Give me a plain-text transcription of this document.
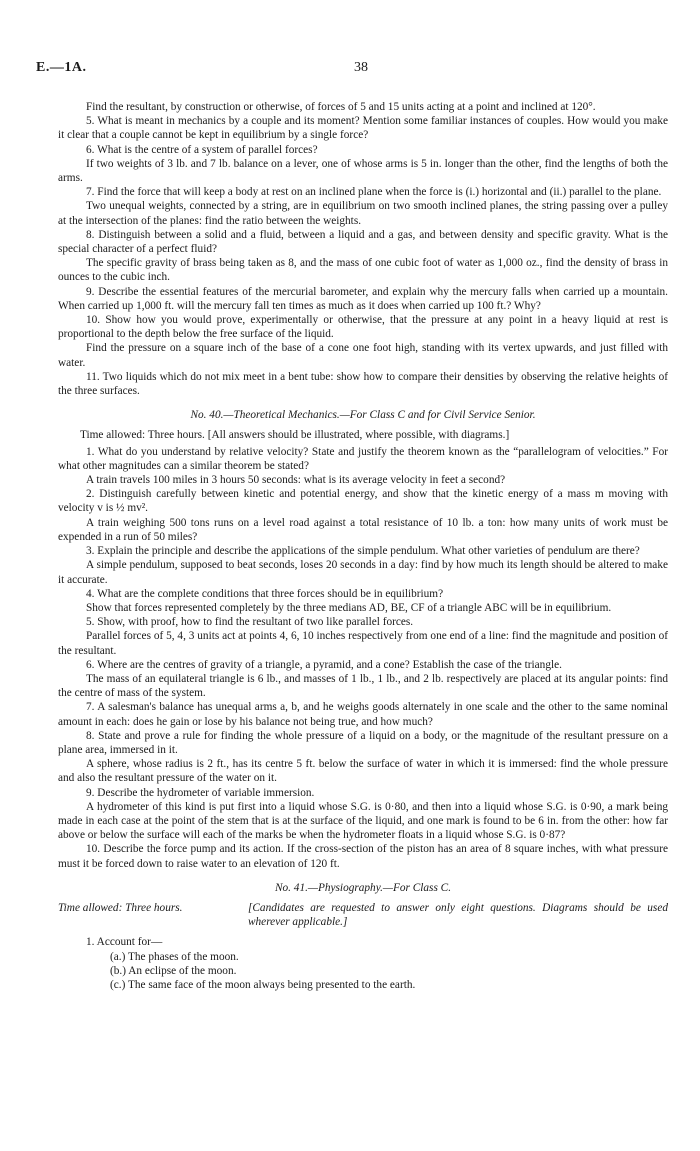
E.—1A.	38

Find the resultant, by construction or otherwise, of forces of 5 and 15 units acting at a point and inclined at 120°.

5. What is meant in mechanics by a couple and its moment? Mention some familiar instances of couples. How would you make it clear that a couple cannot be kept in equilibrium by a single force?

6. What is the centre of a system of parallel forces?

If two weights of 3 lb. and 7 lb. balance on a lever, one of whose arms is 5 in. longer than the other, find the lengths of both the arms.

7. Find the force that will keep a body at rest on an inclined plane when the force is (i.) horizontal and (ii.) parallel to the plane.

Two unequal weights, connected by a string, are in equilibrium on two smooth inclined planes, the string passing over a pulley at the intersection of the planes: find the ratio between the weights.

8. Distinguish between a solid and a fluid, between a liquid and a gas, and between density and specific gravity. What is the special character of a perfect fluid?

The specific gravity of brass being taken as 8, and the mass of one cubic foot of water as 1,000 oz., find the density of brass in ounces to the cubic inch.

9. Describe the essential features of the mercurial barometer, and explain why the mercury falls when carried up a mountain. When carried up 1,000 ft. will the mercury fall ten times as much as it does when carried up 100 ft.? Why?

10. Show how you would prove, experimentally or otherwise, that the pressure at any point in a heavy liquid at rest is proportional to the depth below the free surface of the liquid.

Find the pressure on a square inch of the base of a cone one foot high, standing with its vertex upwards, and just filled with water.

11. Two liquids which do not mix meet in a bent tube: show how to compare their densities by observing the relative heights of the three surfaces.

No. 40.—Theoretical Mechanics.—For Class C and for Civil Service Senior.

Time allowed: Three hours. [All answers should be illustrated, where possible, with diagrams.]

1. What do you understand by relative velocity? State and justify the theorem known as the “parallelogram of velocities.” For what other magnitudes can a similar theorem be stated?

A train travels 100 miles in 3 hours 50 seconds: what is its average velocity in feet a second?

2. Distinguish carefully between kinetic and potential energy, and show that the kinetic energy of a mass m moving with velocity v is ½ mv².

A train weighing 500 tons runs on a level road against a total resistance of 10 lb. a ton: how many units of work must be expended in a run of 50 miles?

3. Explain the principle and describe the applications of the simple pendulum. What other varieties of pendulum are there?

A simple pendulum, supposed to beat seconds, loses 20 seconds in a day: find by how much its length should be altered to make it accurate.

4. What are the complete conditions that three forces should be in equilibrium?

Show that forces represented completely by the three medians AD, BE, CF of a triangle ABC will be in equilibrium.

5. Show, with proof, how to find the resultant of two like parallel forces.

Parallel forces of 5, 4, 3 units act at points 4, 6, 10 inches respectively from one end of a line: find the magnitude and position of the resultant.

6. Where are the centres of gravity of a triangle, a pyramid, and a cone? Establish the case of the triangle.

The mass of an equilateral triangle is 6 lb., and masses of 1 lb., 1 lb., and 2 lb. respectively are placed at its angular points: find the centre of mass of the system.

7. A salesman's balance has unequal arms a, b, and he weighs goods alternately in one scale and the other to the same nominal amount in each: does he gain or lose by his balance not being true, and how much?

8. State and prove a rule for finding the whole pressure of a liquid on a body, or the magnitude of the resultant pressure on a plane area, immersed in it.

A sphere, whose radius is 2 ft., has its centre 5 ft. below the surface of water in which it is immersed: find the whole pressure and also the resultant pressure of the water on it.

9. Describe the hydrometer of variable immersion.

A hydrometer of this kind is put first into a liquid whose S.G. is 0·80, and then into a liquid whose S.G. is 0·90, a mark being made in each case at the point of the stem that is at the surface of the liquid, and one mark is found to be 6 in. from the other: how far above or below the surface will each of the marks be when the hydrometer floats in a liquid whose S.G. is 0·87?

10. Describe the force pump and its action. If the cross-section of the piston has an area of 8 square inches, with what pressure must it be forced down to raise water to an elevation of 120 ft.

No. 41.—Physiography.—For Class C.

Time allowed: Three hours.	[Candidates are requested to answer only eight questions. Diagrams should be used wherever applicable.]

1. Account for—

(a.) The phases of the moon.

(b.) An eclipse of the moon.

(c.) The same face of the moon always being presented to the earth.
